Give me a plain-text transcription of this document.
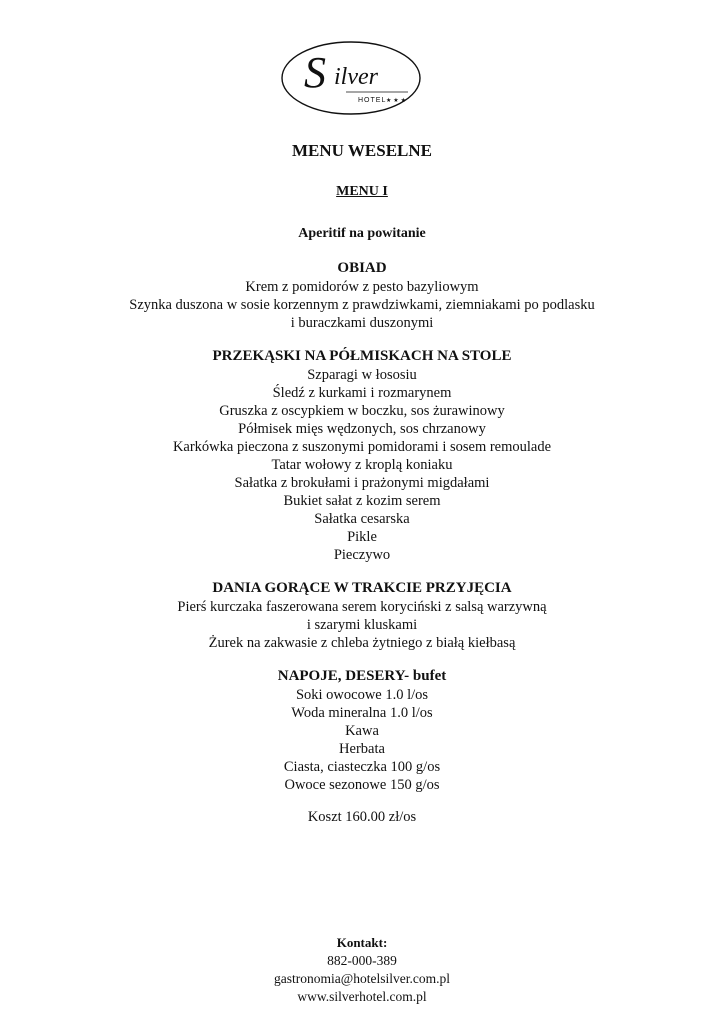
S ilver
HOTEL ★ ★ ★
MENU WESELNE
MENU I
Aperitif na powitanie
OBIAD
Krem z pomidorów z pesto bazyliowym
Szynka duszona w sosie korzennym z prawdziwkami, ziemniakami po podlasku
i buraczkami duszonymi
PRZEKĄSKI NA PÓŁMISKACH NA STOLE
Szparagi w łososiu
Śledź z kurkami i rozmarynem
Gruszka z oscypkiem w boczku, sos żurawinowy
Półmisek mięs wędzonych, sos chrzanowy
Karkówka pieczona z suszonymi pomidorami i sosem remoulade
Tatar wołowy z kroplą koniaku
Sałatka z brokułami i prażonymi migdałami
Bukiet sałat z kozim serem
Sałatka cesarska
Pikle
Pieczywo
DANIA GORĄCE W TRAKCIE PRZYJĘCIA
Pierś kurczaka faszerowana serem koryciński z salsą warzywną
i szarymi kluskami
Żurek na zakwasie z chleba żytniego z białą kiełbasą
NAPOJE, DESERY- bufet
Soki owocowe 1.0 l/os
Woda mineralna 1.0 l/os
Kawa
Herbata
Ciasta, ciasteczka 100 g/os
Owoce sezonowe 150 g/os
Koszt 160.00 zł/os
Kontakt:
882-000-389
gastronomia@hotelsilver.com.pl
www.silverhotel.com.pl
